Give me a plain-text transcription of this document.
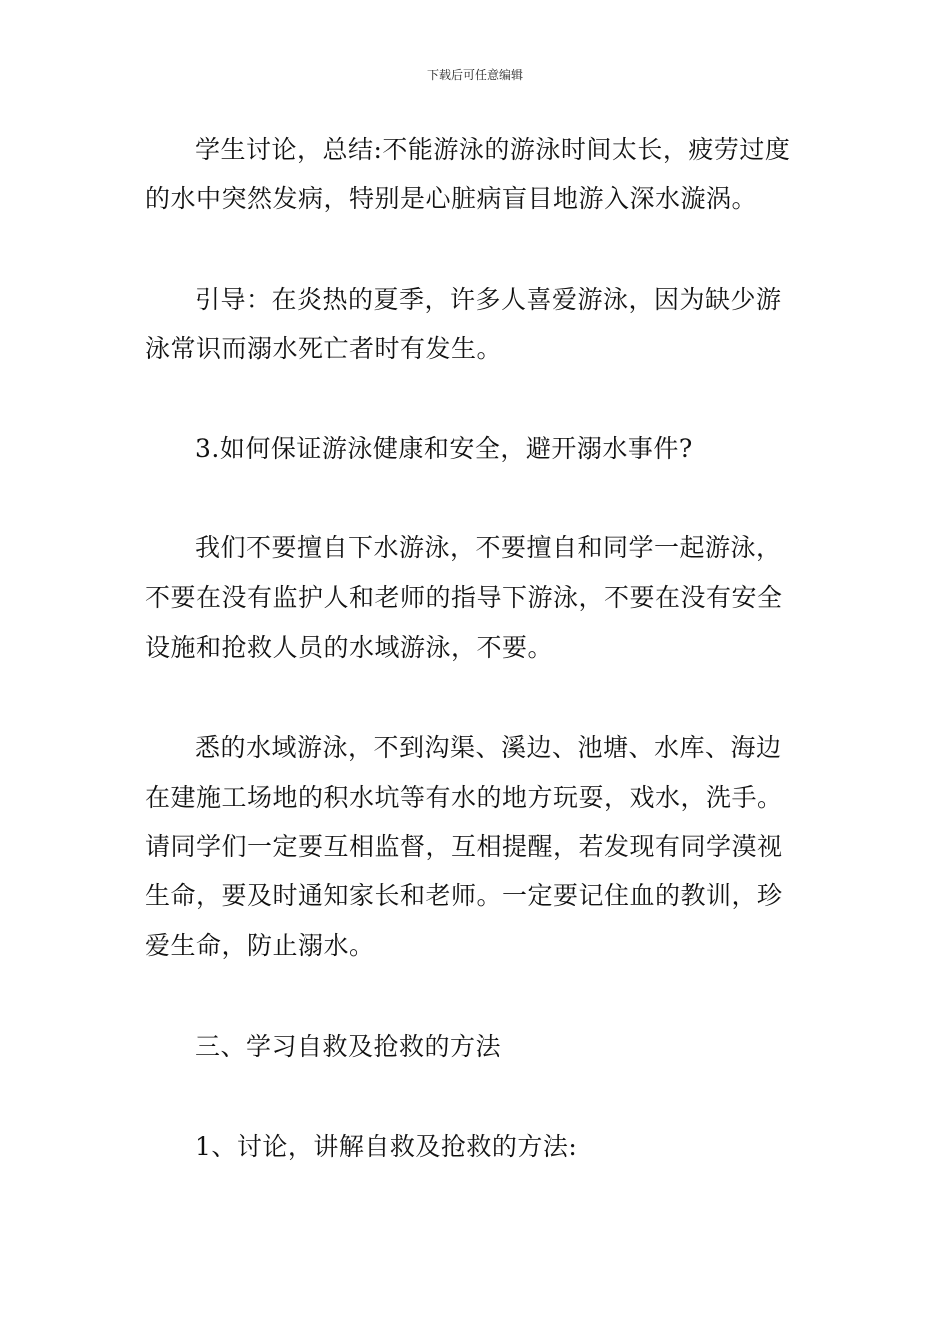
下载后可任意编辑
学生讨论，总结:不能游泳的游泳时间太长，疲劳过度
的水中突然发病，特别是心脏病盲目地游入深水漩涡。
引导：在炎热的夏季，许多人喜爱游泳，因为缺少游
泳常识而溺水死亡者时有发生。
3.如何保证游泳健康和安全，避开溺水事件?
我们不要擅自下水游泳，不要擅自和同学一起游泳，
不要在没有监护人和老师的指导下游泳，不要在没有安全
设施和抢救人员的水域游泳，不要。
悉的水域游泳，不到沟渠、溪边、池塘、水库、海边
在建施工场地的积水坑等有水的地方玩耍，戏水，洗手。
请同学们一定要互相监督，互相提醒，若发现有同学漠视
生命，要及时通知家长和老师。一定要记住血的教训，珍
爱生命，防止溺水。
三、学习自救及抢救的方法
1、讨论，讲解自救及抢救的方法:
